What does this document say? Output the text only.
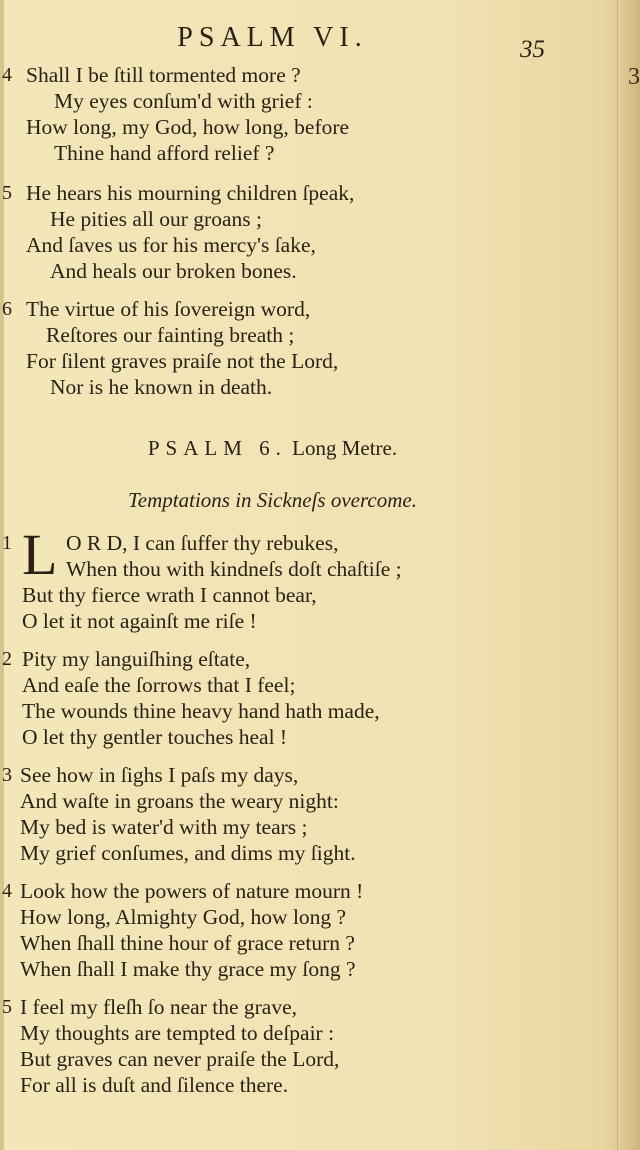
3
PSALM VI.	35
4 Shall I be ſtill tormented more ?
My eyes conſum'd with grief :
How long, my God, how long, before
Thine hand afford relief ?
5 He hears his mourning children ſpeak,
He pities all our groans ;
And ſaves us for his mercy's ſake,
And heals our broken bones.
6 The virtue of his ſovereign word,
Reſtores our fainting breath ;
For ſilent graves praiſe not the Lord,
Nor is he known in death.
PSALM 6. Long Metre.
Temptations in Sickneſs overcome.
1 L O R D, I can ſuffer thy rebukes,
When thou with kindneſs doſt chaſtiſe ;
But thy fierce wrath I cannot bear,
O let it not againſt me riſe !
2 Pity my languiſhing eſtate,
And eaſe the ſorrows that I feel;
The wounds thine heavy hand hath made,
O let thy gentler touches heal !
3 See how in ſighs I paſs my days,
And waſte in groans the weary night:
My bed is water'd with my tears ;
My grief conſumes, and dims my ſight.
4 Look how the powers of nature mourn !
How long, Almighty God, how long ?
When ſhall thine hour of grace return ?
When ſhall I make thy grace my ſong ?
5 I feel my fleſh ſo near the grave,
My thoughts are tempted to deſpair :
But graves can never praiſe the Lord,
For all is duſt and ſilence there.
